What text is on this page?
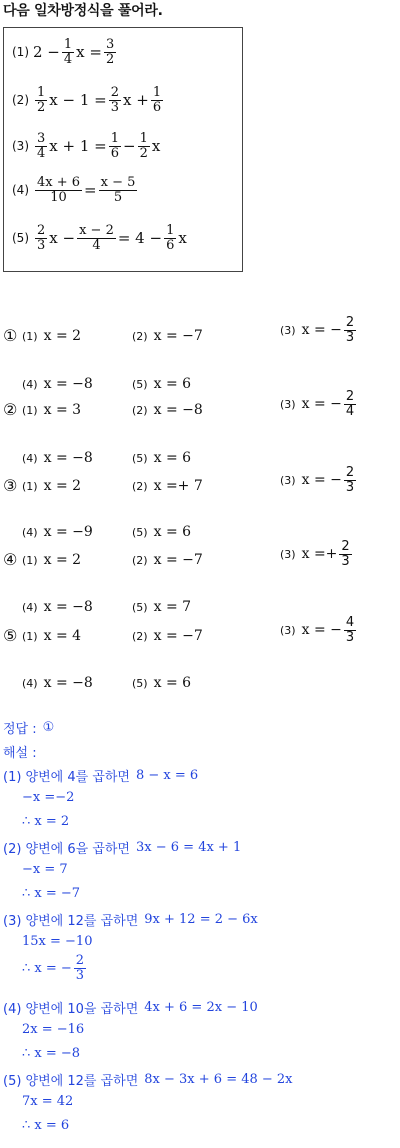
다음 일차방정식을 풀어라.
(1) $2 - \frac{1}{4}$ $x = \frac{3}{2}$
$(2) \frac{1}{2}$ $x - 1 = \frac{2}{3}$ $x + \frac{1}{6}$
$(3) \frac{3}{4}$ $x + 1 = \frac{1}{6} - \frac{1}{2}$ x
$(4) \frac{4x + 6}{10} = \frac{x - 5}{5}$
$(5) \frac{2}{3}$ $x - \frac{x - 2}{4} = 4 - \frac{1}{6}$ x
① (1) x = 2	(2) x = −7	(3) x = − $\frac{2}{3}$
(4) x = −8	(5) x = 6
② (1) x = 3	(2) x = −8	(3) x = − $\frac{2}{4}$
(4) x = −8	(5) x = 6
③ (1) x = 2	(2) x =+ 7	(3) x = − $\frac{2}{3}$
(4) x = −9	(5) x = 6
④ (1) x = 2	(2) x = −7	(3) $x =+ \frac{2}{3}$
(4) x = −8	(5) x = 7
⑤ (1) x = 4	(2) x = −7	(3) x = − $\frac{4}{3}$
(4) x = −8	(5) x = 6
정답 : ①
해설 :
(1) 양변에 4를 곱하면 8 − x = 6
−x =−2
∴ x = 2
(2) 양변에 6을 곱하면 3x − 6 = 4x + 1
−x = 7
∴ x = −7
(3) 양변에 12를 곱하면 9x + 12 = 2 − 6x
15x = −10
∴ x = − $\frac{2}{3}$
(4) 양변에 10을 곱하면 4x + 6 = 2x − 10
2x = −16
∴ x = −8
(5) 양변에 12를 곱하면 8x − 3x + 6 = 48 − 2x
7x = 42
∴ x = 6
